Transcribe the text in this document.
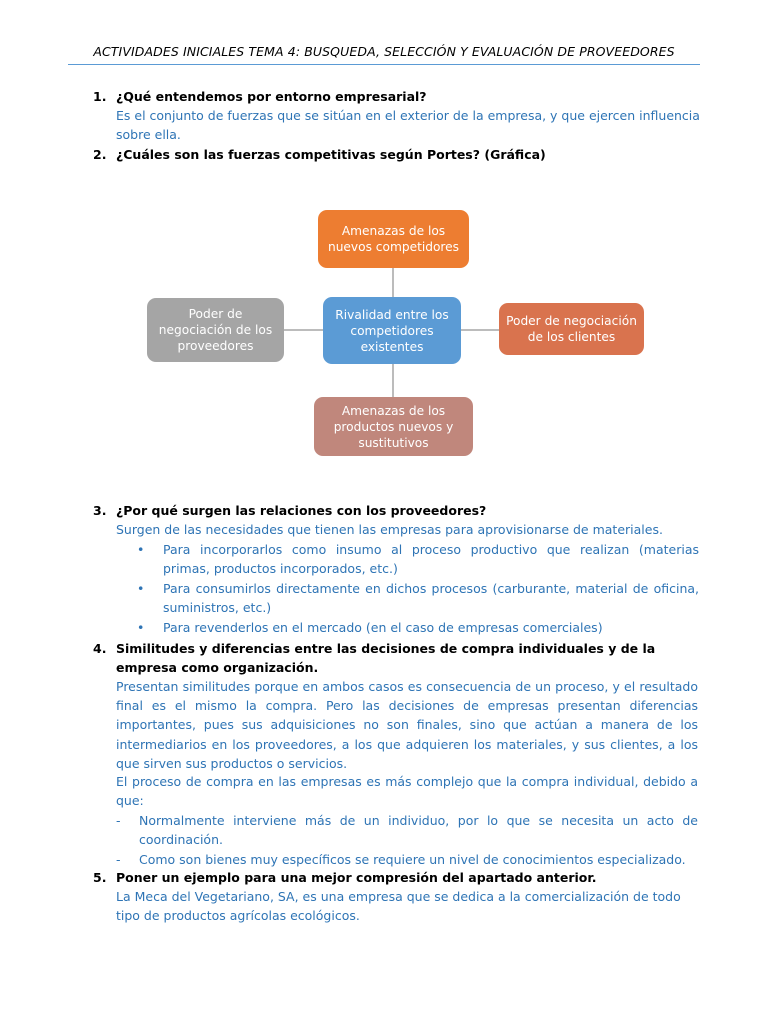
ACTIVIDADES INICIALES TEMA 4: BUSQUEDA, SELECCIÓN Y EVALUACIÓN DE PROVEEDORES
1. ¿Qué entendemos por entorno empresarial?
Es el conjunto de fuerzas que se sitúan en el exterior de la empresa, y que ejercen influencia
sobre ella.
2. ¿Cuáles son las fuerzas competitivas según Portes? (Gráfica)
Amenazas de los
nuevos competidores
Rivalidad entre los
competidores
existentes
Poder de
negociación de los
proveedores
Poder de negociación
de los clientes
Amenazas de los
productos nuevos y
sustitutivos
3. ¿Por qué surgen las relaciones con los proveedores?
Surgen de las necesidades que tienen las empresas para aprovisionarse de materiales.
• Para incorporarlos como insumo al proceso productivo que realizan (materias primas, productos incorporados, etc.)
• Para consumirlos directamente en dichos procesos (carburante, material de oficina, suministros, etc.)
• Para revenderlos en el mercado (en el caso de empresas comerciales)
4. Similitudes y diferencias entre las decisiones de compra individuales y de la empresa como organización.
Presentan similitudes porque en ambos casos es consecuencia de un proceso, y el resultado final es el mismo la compra. Pero las decisiones de empresas presentan diferencias importantes, pues sus adquisiciones no son finales, sino que actúan a manera de los intermediarios en los proveedores, a los que adquieren los materiales, y sus clientes, a los que sirven sus productos o servicios.
El proceso de compra en las empresas es más complejo que la compra individual, debido a que:
- Normalmente interviene más de un individuo, por lo que se necesita un acto de coordinación.
- Como son bienes muy específicos se requiere un nivel de conocimientos especializado.
5. Poner un ejemplo para una mejor compresión del apartado anterior.
La Meca del Vegetariano, SA, es una empresa que se dedica a la comercialización de todo tipo de productos agrícolas ecológicos.
